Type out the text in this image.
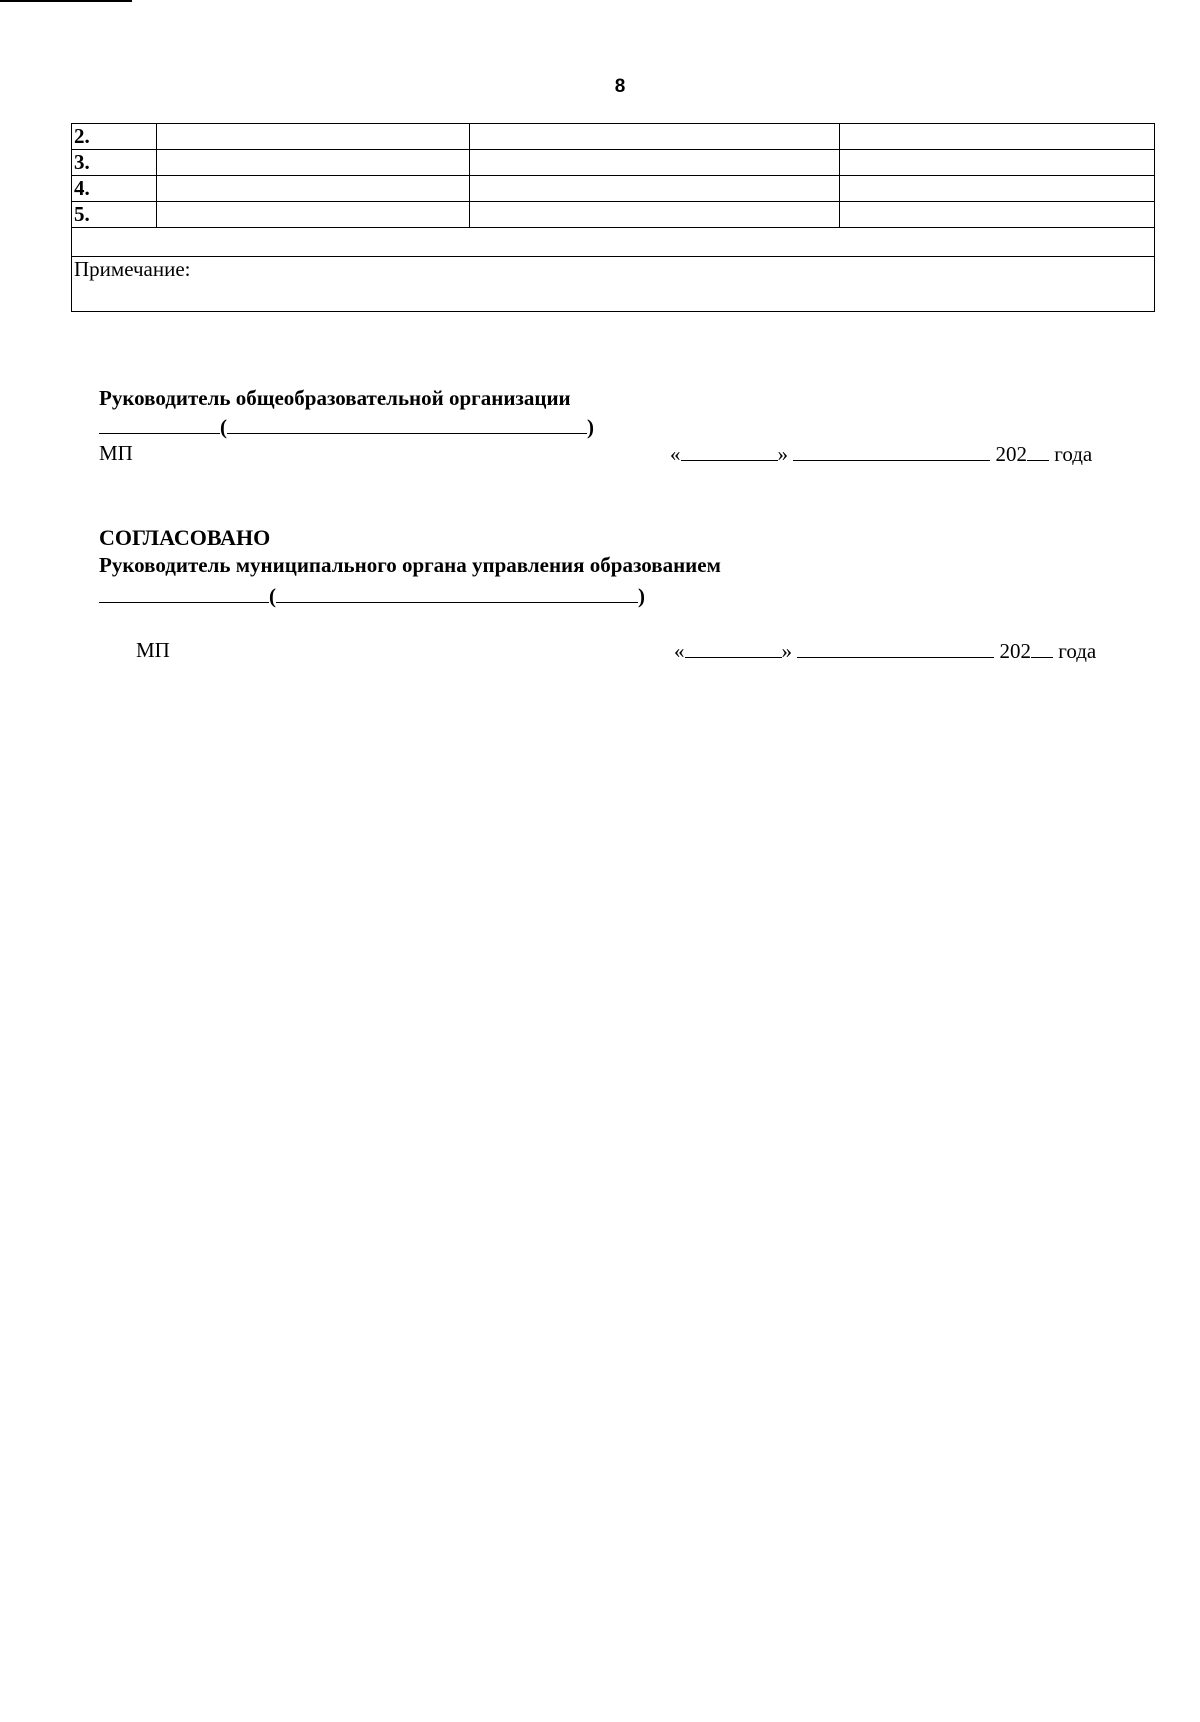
8
2.			
3.			
4.			
5.			

Примечание:			
Руководитель общеобразовательной организации
(	)
МП	«	»	202 года
СОГЛАСОВАНО
Руководитель муниципального органа управления образованием
(	)
МП	«	»	202 года
